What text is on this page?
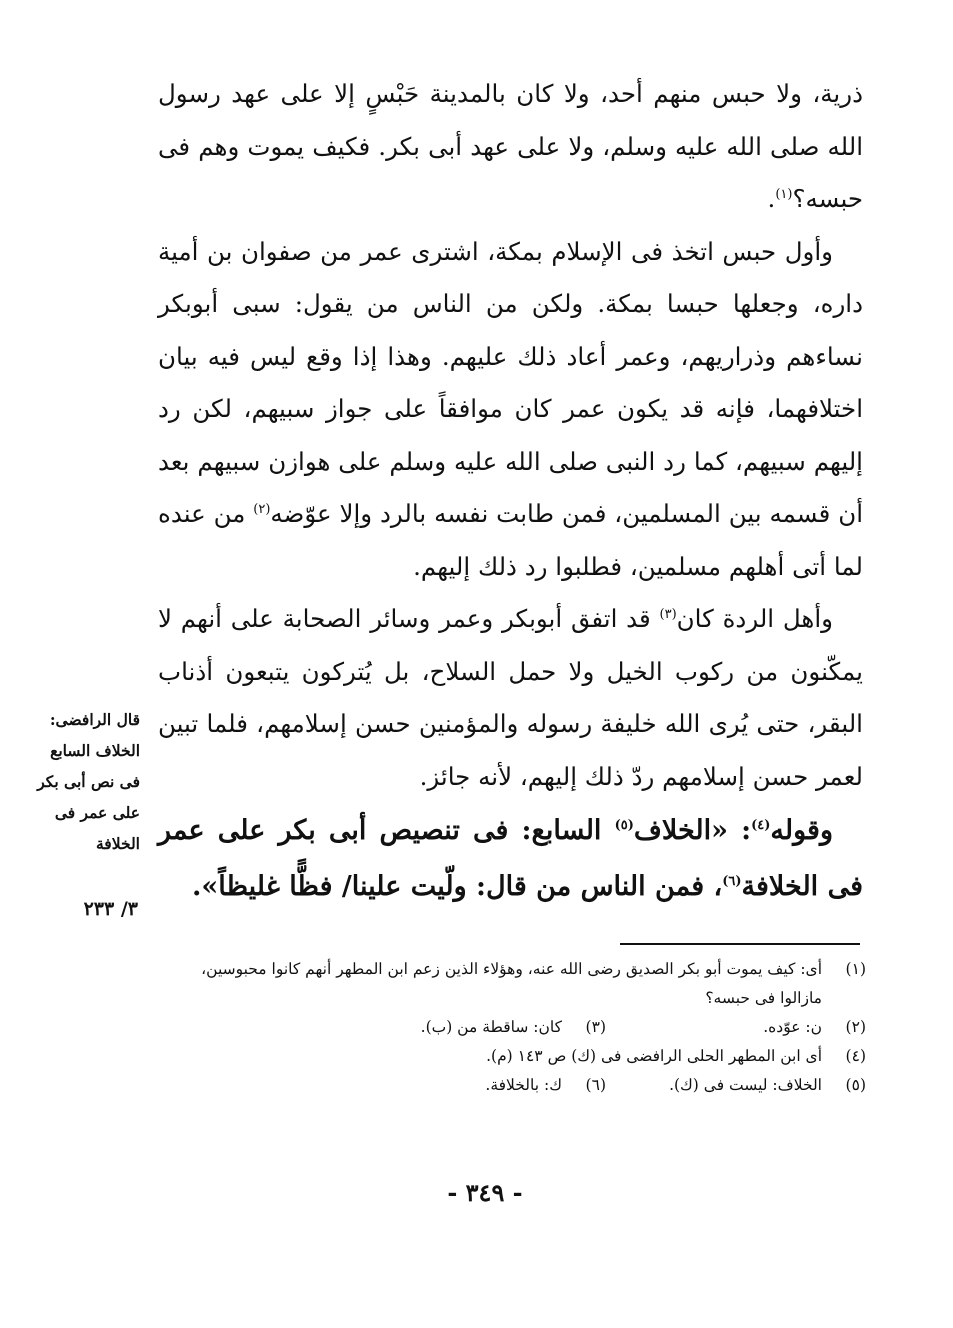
ذرية، ولا حبس منهم أحد، ولا كان بالمدينة حَبْسٍ إلا على عهد رسول الله صلى الله عليه وسلم، ولا على عهد أبى بكر. فكيف يموت وهم فى حبسه؟$^{(١)}$.

وأول حبس اتخذ فى الإسلام بمكة، اشترى عمر من صفوان بن أمية داره، وجعلها حبسا بمكة. ولكن من الناس من يقول: سبى أبوبكر نساءهم وذراريهم، وعمر أعاد ذلك عليهم. وهذا إذا وقع ليس فيه بيان اختلافهما، فإنه قد يكون عمر كان موافقاً على جواز سبيهم، لكن رد إليهم سبيهم، كما رد النبى صلى الله عليه وسلم على هوازن سبيهم بعد أن قسمه بين المسلمين، فمن طابت نفسه بالرد وإلا عوّضه$^{(٢)}$ من عنده لما أتى أهلهم مسلمين، فطلبوا رد ذلك إليهم.

وأهل الردة كان$^{(٣)}$ قد اتفق أبوبكر وعمر وسائر الصحابة على أنهم لا يمكّنون من ركوب الخيل ولا حمل السلاح، بل يُتركون يتبعون أذناب البقر، حتى يُرى الله خليفة رسوله والمؤمنين حسن إسلامهم، فلما تبين لعمر حسن إسلامهم ردّ ذلك إليهم، لأنه جائز.

وقوله$^{(٤)}$: «الخلاف$^{(٥)}$ السابع: فى تنصيص أبى بكر على عمر فى الخلافة$^{(٦)}$، فمن الناس من قال: ولّيت علينا/ فظًّا غليظاً».

قال الرافضى:
الخلاف السابع
فى نص أبى بكر
على عمر فى
الخلافة
٣/ ٢٣٣
(١)
أى: كيف يموت أبو بكر الصديق رضى الله عنه، وهؤلاء الذين زعم ابن المطهر أنهم كانوا محبوسين، مازالوا فى حبسه؟
(٢)
ن: عوّده.
(٣)
كان: ساقطة من (ب).
(٤)
أى ابن المطهر الحلى الرافضى فى (ك) ص ١٤٣ (م).
(٥)
الخلاف: ليست فى (ك).
(٦)
ك: بالخلافة.
- ٣٤٩ -
